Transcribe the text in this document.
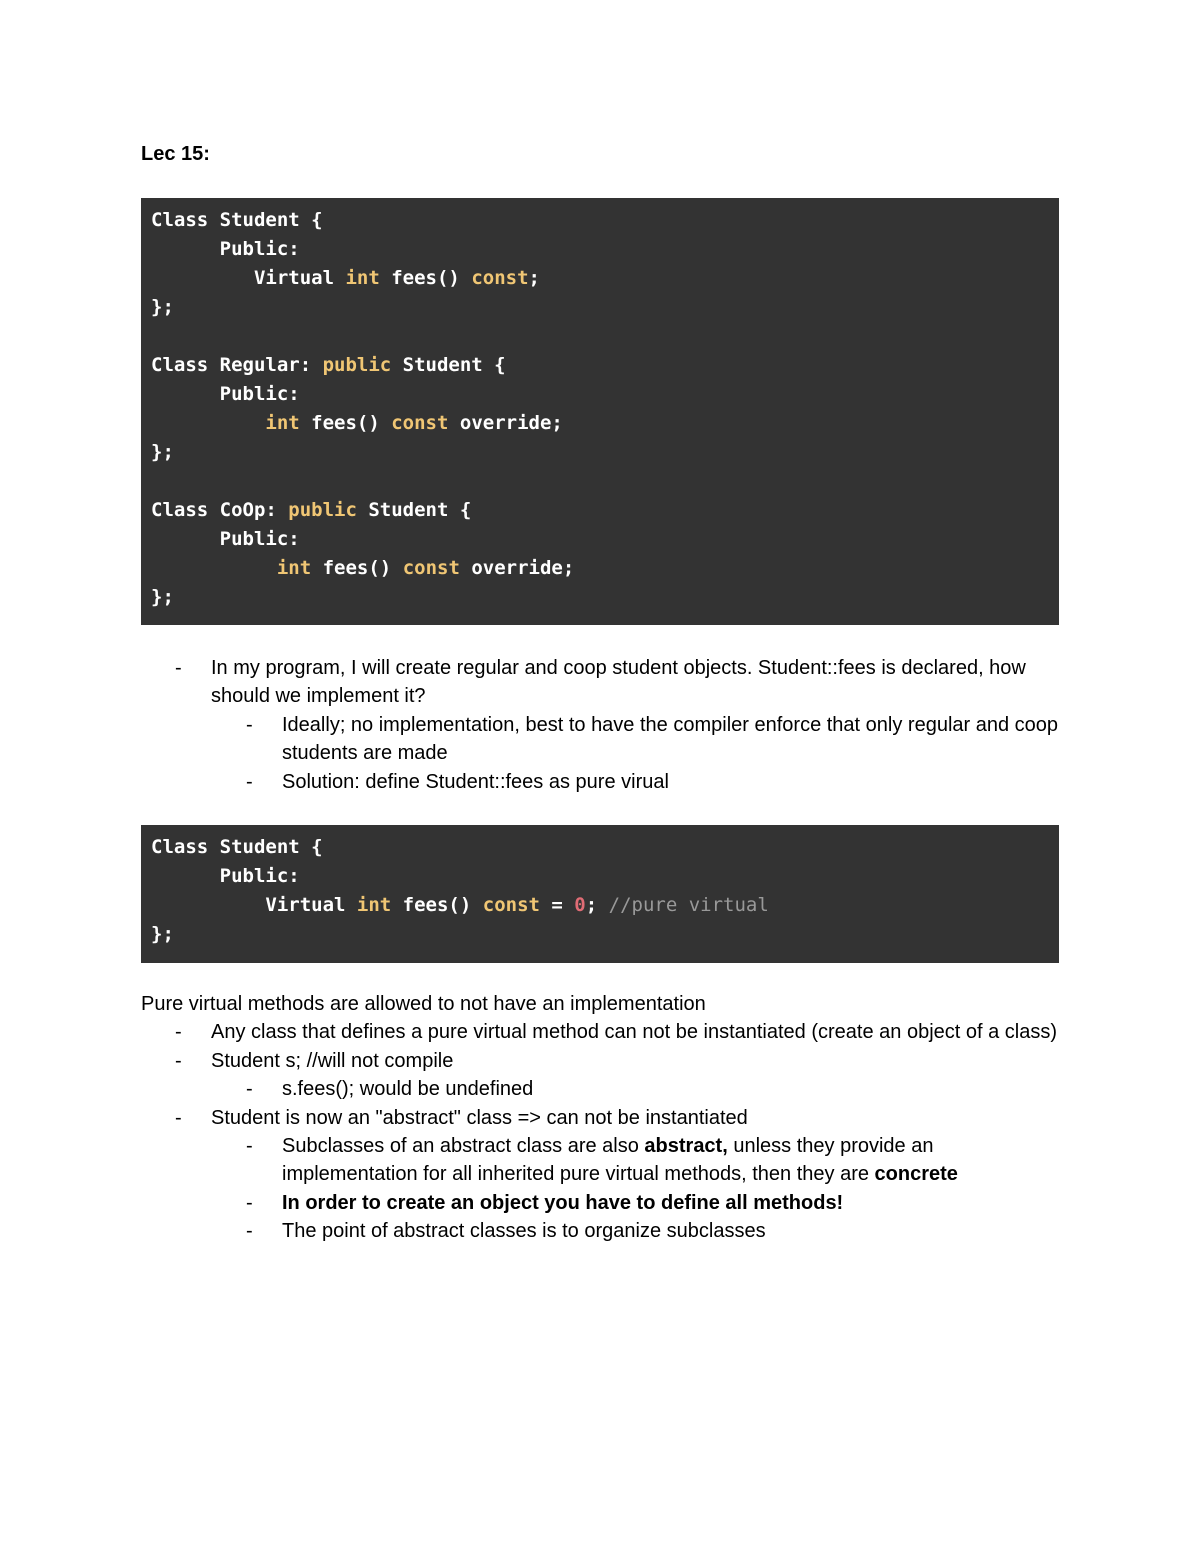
Lec 15:
Class Student {
Public:
Virtual int fees() const;
};
Class Regular: public Student {
Public:
int fees() const override;
};
Class CoOp: public Student {
Public:
int fees() const override;
};
-	In my program, I will create regular and coop student objects. Student::fees is declared, how should we implement it?
-	Ideally; no implementation, best to have the compiler enforce that only regular and coop students are made
-	Solution: define Student::fees as pure virual
Class Student {
Public:
Virtual int fees() const = 0; //pure virtual
};
Pure virtual methods are allowed to not have an implementation
-	Any class that defines a pure virtual method can not be instantiated (create an object of a class)
-	Student s; //will not compile
-	s.fees(); would be undefined
-	Student is now an "abstract" class => can not be instantiated
-	Subclasses of an abstract class are also abstract, unless they provide an implementation for all inherited pure virtual methods, then they are concrete
-	In order to create an object you have to define all methods!
-	The point of abstract classes is to organize subclasses
